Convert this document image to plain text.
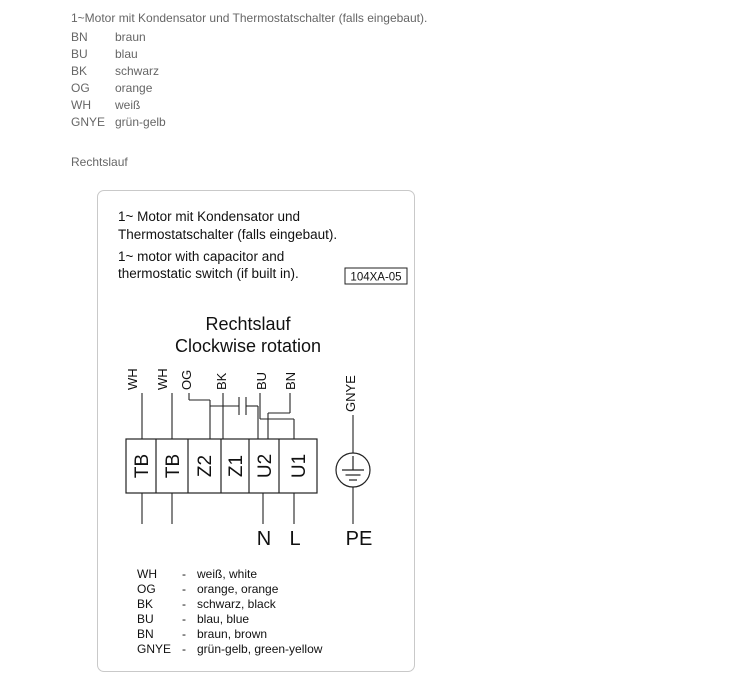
1~Motor mit Kondensator und Thermostatschalter (falls eingebaut).
BN	braun
BU	blau
BK	schwarz
OG	orange
WH	weiß
GNYE	grün-gelb
Rechtslauf
1~ Motor mit Kondensator und
Thermostatschalter (falls eingebaut).
1~ motor with capacitor and
thermostatic switch (if built in).	104XA-05
Rechtslauf
Clockwise rotation
WH WH OG BK BU BN	GNYE
TB TB Z2 Z1 U2 U1
N L PE
WH - weiß, white
OG - orange, orange
BK - schwarz, black
BU - blau, blue
BN - braun, brown
GNYE - grün-gelb, green-yellow
